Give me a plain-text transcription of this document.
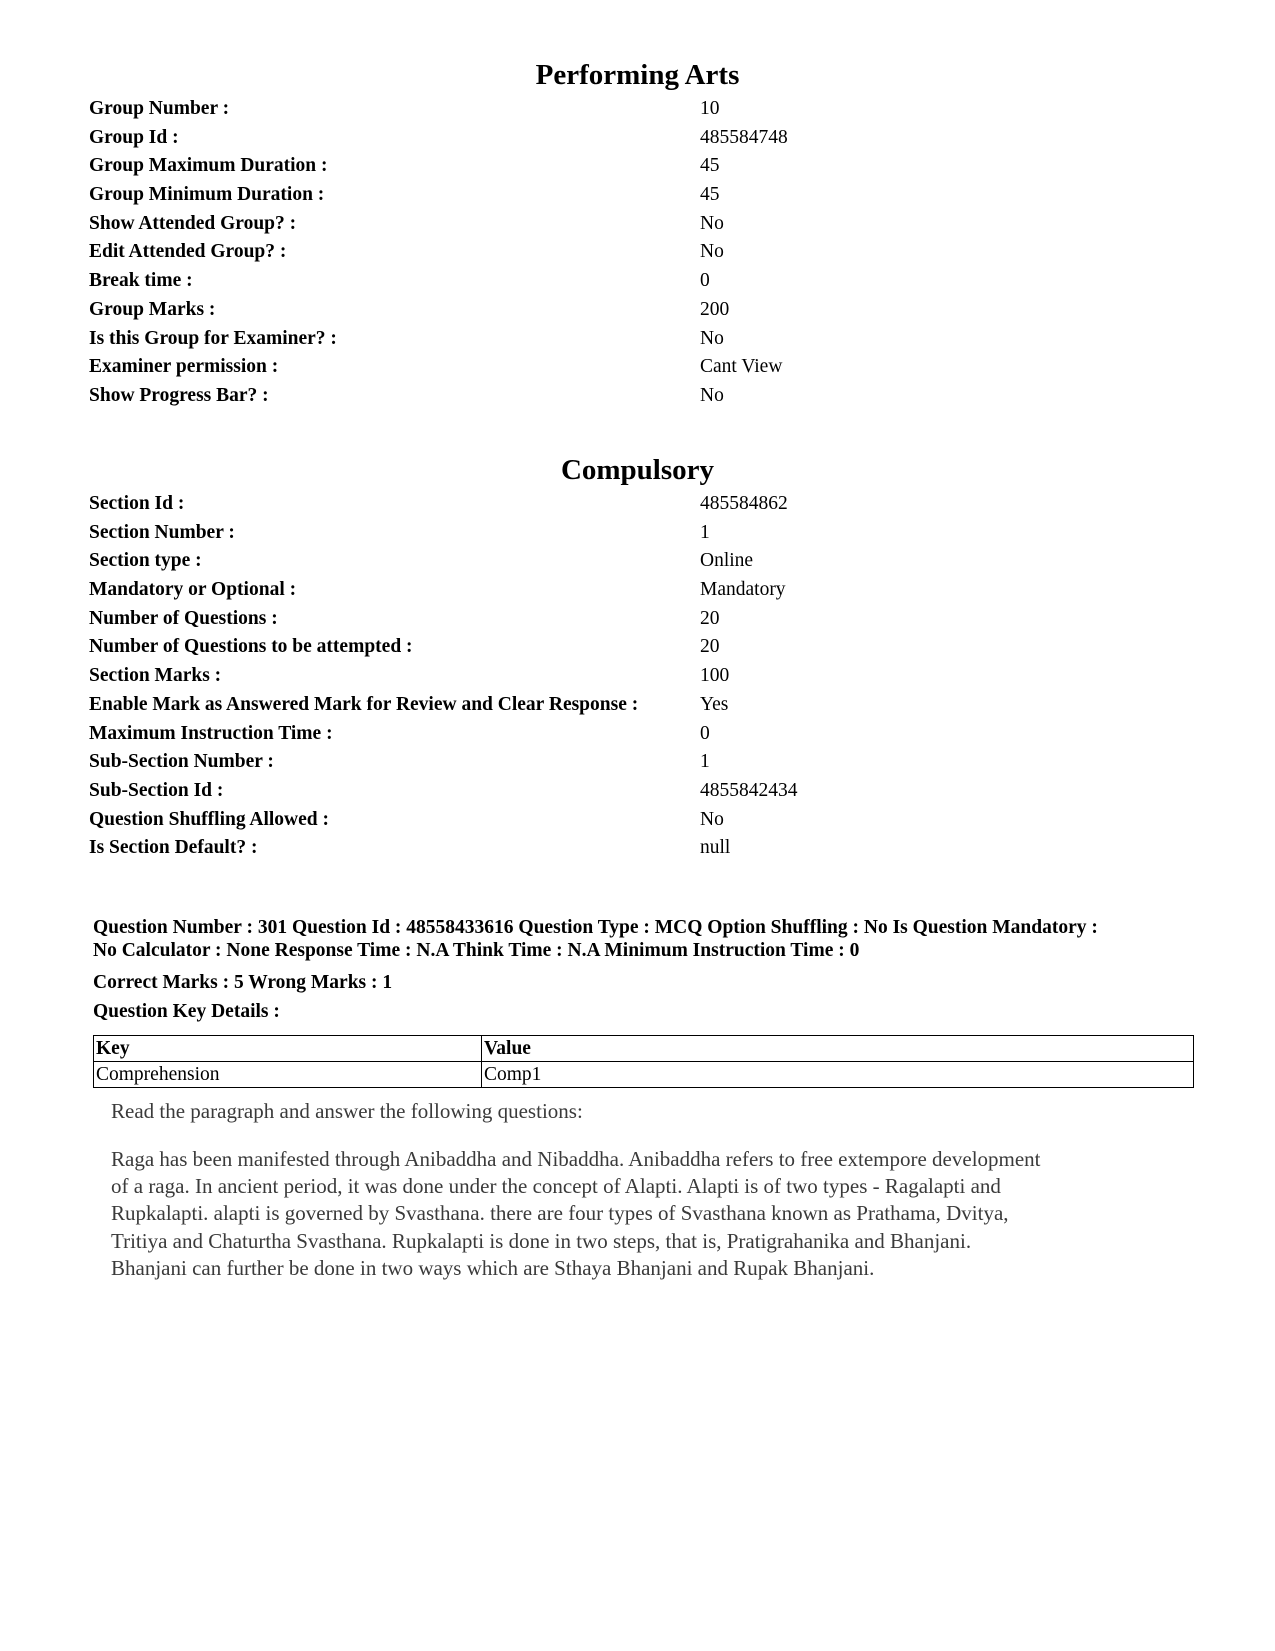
Performing Arts
Group Number :	10
Group Id :	485584748
Group Maximum Duration :	45
Group Minimum Duration :	45
Show Attended Group? :	No
Edit Attended Group? :	No
Break time :	0
Group Marks :	200
Is this Group for Examiner? :	No
Examiner permission :	Cant View
Show Progress Bar? :	No
Compulsory
Section Id :	485584862
Section Number :	1
Section type :	Online
Mandatory or Optional :	Mandatory
Number of Questions :	20
Number of Questions to be attempted :	20
Section Marks :	100
Enable Mark as Answered Mark for Review and Clear Response :	Yes
Maximum Instruction Time :	0
Sub-Section Number :	1
Sub-Section Id :	4855842434
Question Shuffling Allowed :	No
Is Section Default? :	null
Question Number : 301 Question Id : 48558433616 Question Type : MCQ Option Shuffling : No Is Question Mandatory :
No Calculator : None Response Time : N.A Think Time : N.A Minimum Instruction Time : 0
Correct Marks : 5 Wrong Marks : 1
Question Key Details :
Key	Value
Comprehension	Comp1
Read the paragraph and answer the following questions:
Raga has been manifested through Anibaddha and Nibaddha. Anibaddha refers to free extempore development
of a raga. In ancient period, it was done under the concept of Alapti. Alapti is of two types - Ragalapti and
Rupkalapti. alapti is governed by Svasthana. there are four types of Svasthana known as Prathama, Dvitya,
Tritiya and Chaturtha Svasthana. Rupkalapti is done in two steps, that is, Pratigrahanika and Bhanjani.
Bhanjani can further be done in two ways which are Sthaya Bhanjani and Rupak Bhanjani.
